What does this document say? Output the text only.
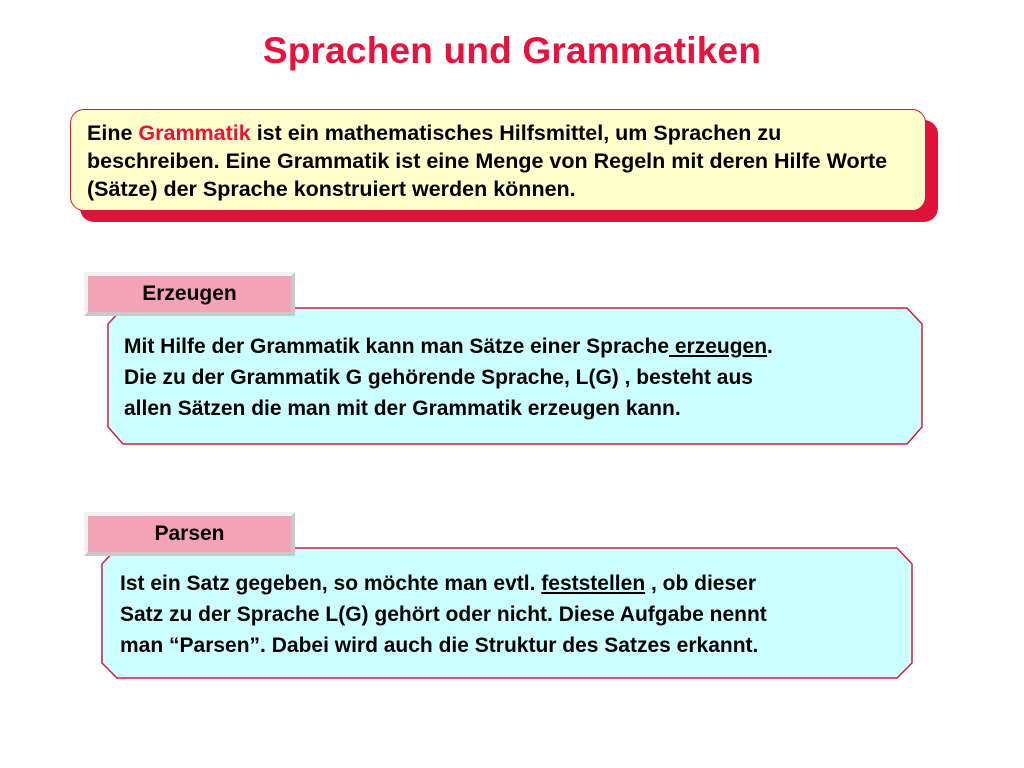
Sprachen und Grammatiken
Eine Grammatik ist ein mathematisches Hilfsmittel, um Sprachen zu beschreiben. Eine Grammatik ist eine Menge von Regeln mit deren Hilfe Worte (Sätze) der Sprache konstruiert werden können.
Erzeugen
Mit Hilfe der Grammatik kann man Sätze einer Sprache erzeugen.
Die zu der Grammatik G gehörende Sprache, L(G) , besteht aus
allen Sätzen die man mit der Grammatik erzeugen kann.
Parsen
Ist ein Satz gegeben, so möchte man evtl. feststellen , ob dieser
Satz zu der Sprache L(G) gehört oder nicht. Diese Aufgabe nennt
man “Parsen”. Dabei wird auch die Struktur des Satzes erkannt.
